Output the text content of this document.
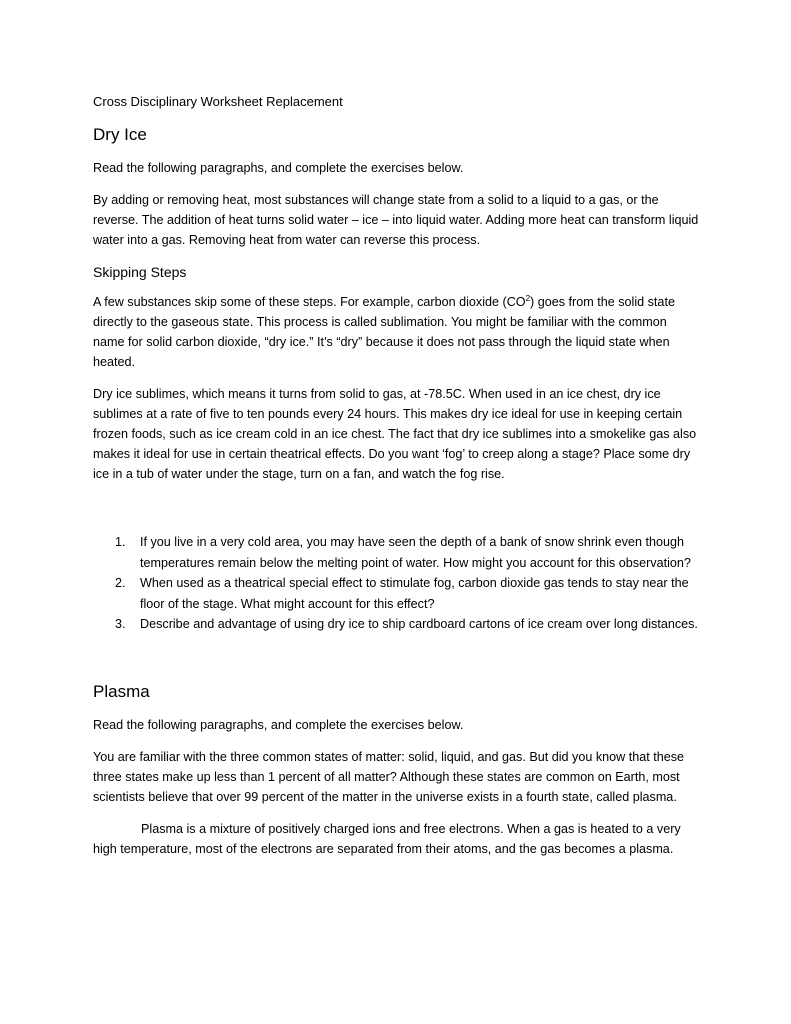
Cross Disciplinary Worksheet Replacement
Dry Ice

Read the following paragraphs, and complete the exercises below.

By adding or removing heat, most substances will change state from a solid to a liquid to a gas, or the reverse. The addition of heat turns solid water – ice – into liquid water. Adding more heat can transform liquid water into a gas. Removing heat from water can reverse this process.

Skipping Steps

A few substances skip some of these steps. For example, carbon dioxide $(CO^2)$ goes from the solid state directly to the gaseous state. This process is called sublimation. You might be familiar with the common name for solid carbon dioxide, “dry ice.” It’s “dry” because it does not pass through the liquid state when heated.

Dry ice sublimes, which means it turns from solid to gas, at -78.5C. When used in an ice chest, dry ice sublimes at a rate of five to ten pounds every 24 hours. This makes dry ice ideal for use in keeping certain frozen foods, such as ice cream cold in an ice chest. The fact that dry ice sublimes into a smokelike gas also makes it ideal for use in certain theatrical effects. Do you want ‘fog’ to creep along a stage? Place some dry ice in a tub of water under the stage, turn on a fan, and watch the fog rise.

1. If you live in a very cold area, you may have seen the depth of a bank of snow shrink even though temperatures remain below the melting point of water. How might you account for this observation?
2. When used as a theatrical special effect to stimulate fog, carbon dioxide gas tends to stay near the floor of the stage. What might account for this effect?
3. Describe and advantage of using dry ice to ship cardboard cartons of ice cream over long distances.
Plasma

Read the following paragraphs, and complete the exercises below.

You are familiar with the three common states of matter: solid, liquid, and gas. But did you know that these three states make up less than 1 percent of all matter? Although these states are common on Earth, most scientists believe that over 99 percent of the matter in the universe exists in a fourth state, called plasma.

Plasma is a mixture of positively charged ions and free electrons. When a gas is heated to a very high temperature, most of the electrons are separated from their atoms, and the gas becomes a plasma.
